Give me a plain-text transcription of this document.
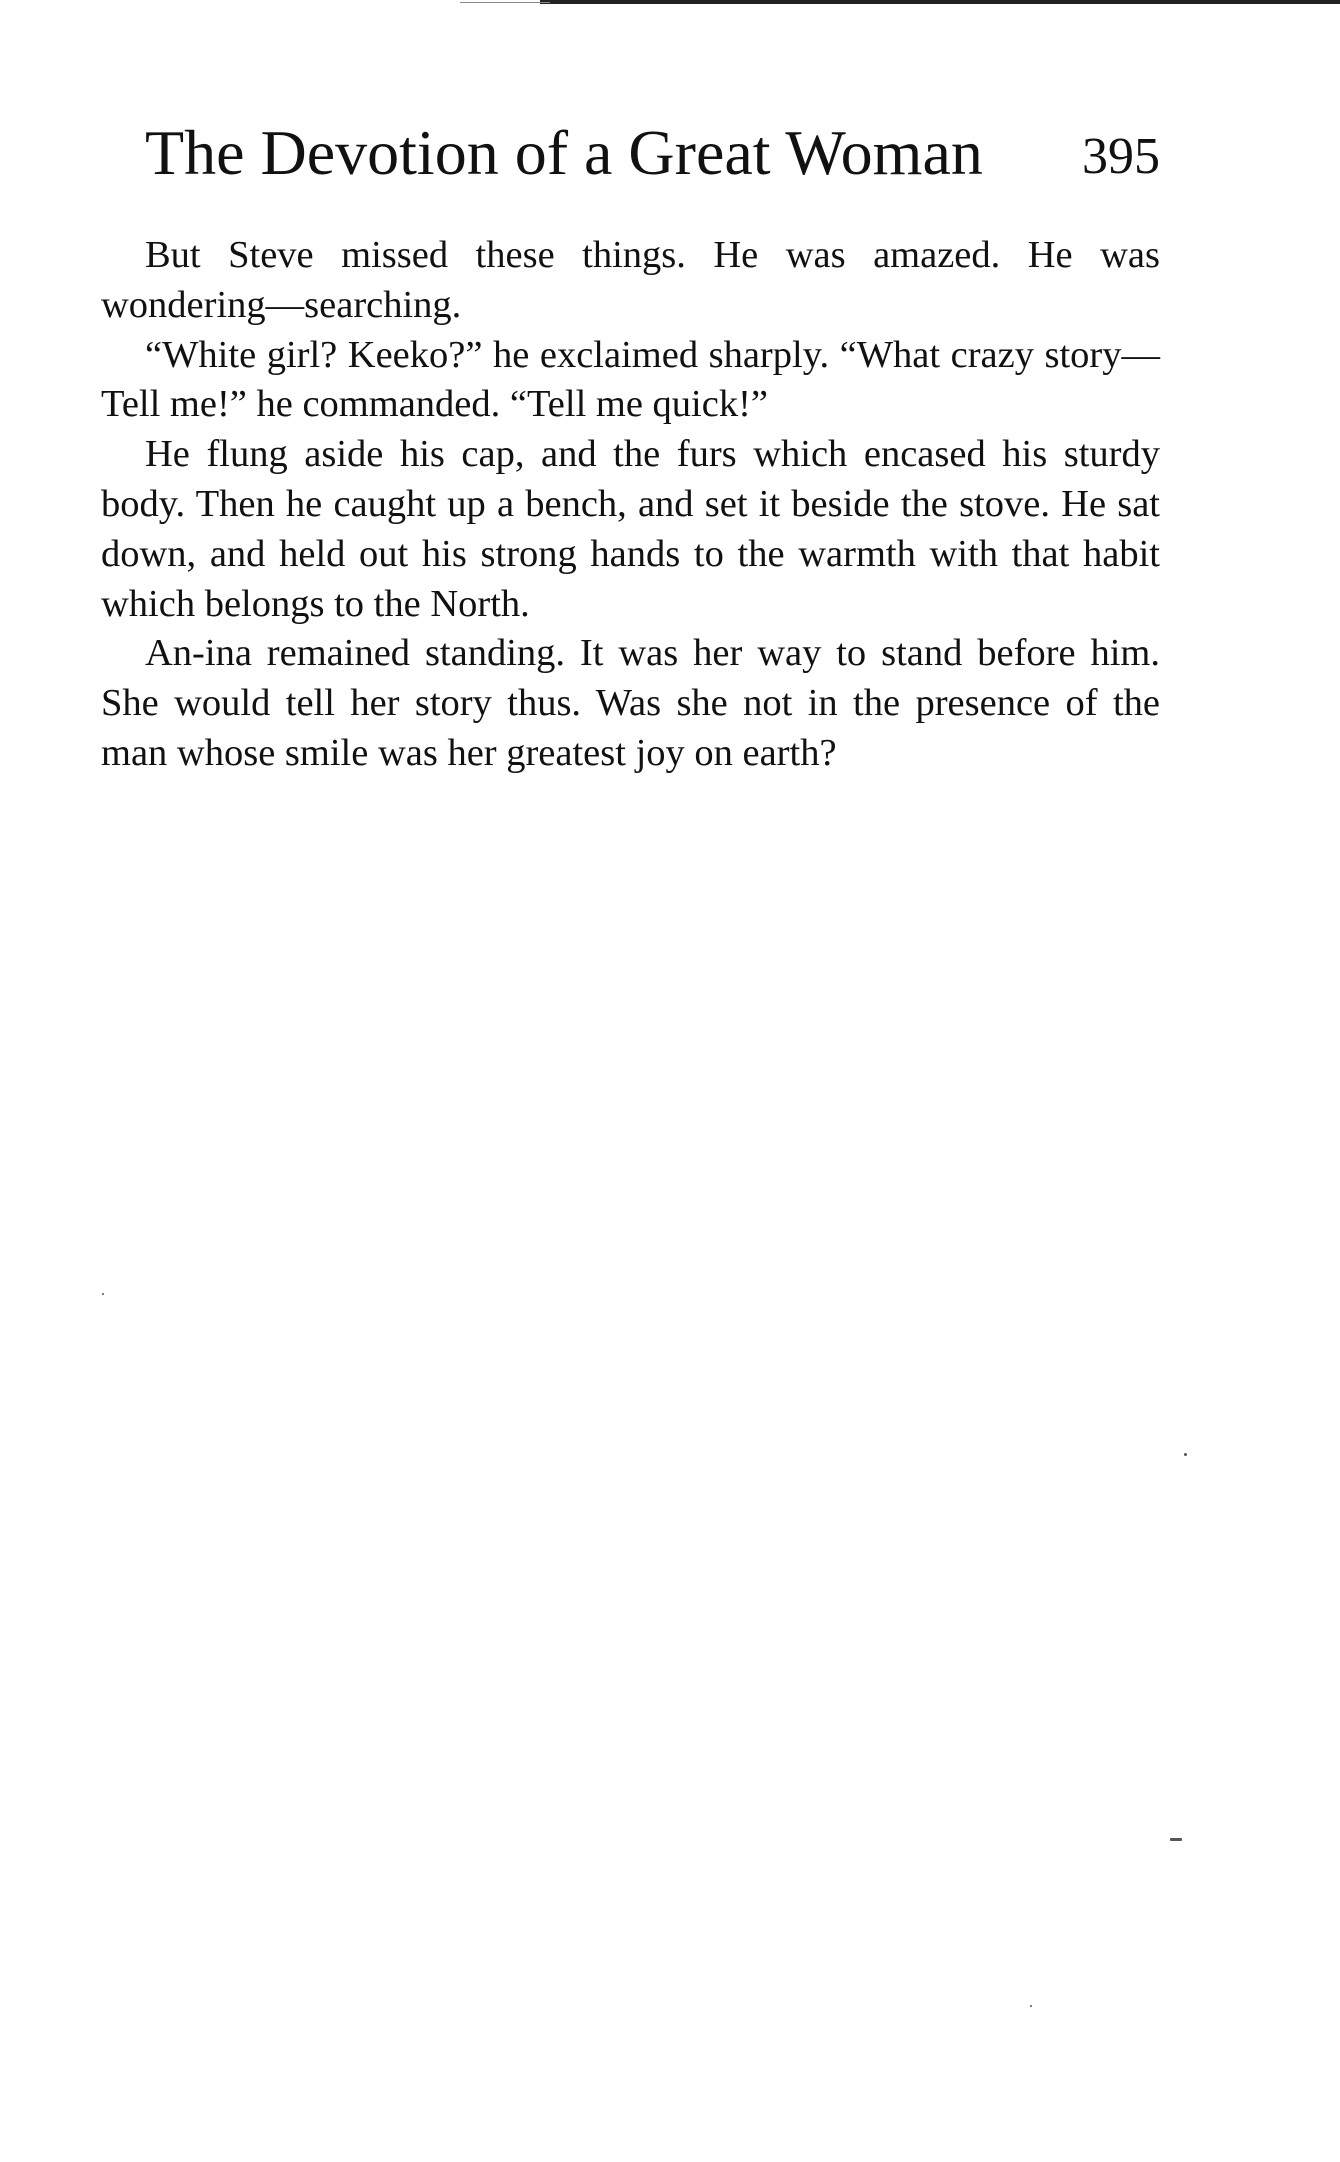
The Devotion of a Great Woman 395

But Steve missed these things. He was amazed. He was wondering—searching.

“White girl? Keeko?” he exclaimed sharply. “What crazy story— Tell me!” he commanded. “Tell me quick!”

He flung aside his cap, and the furs which encased his sturdy body. Then he caught up a bench, and set it beside the stove. He sat down, and held out his strong hands to the warmth with that habit which belongs to the North.

An-ina remained standing. It was her way to stand before him. She would tell her story thus. Was she not in the presence of the man whose smile was her greatest joy on earth?
